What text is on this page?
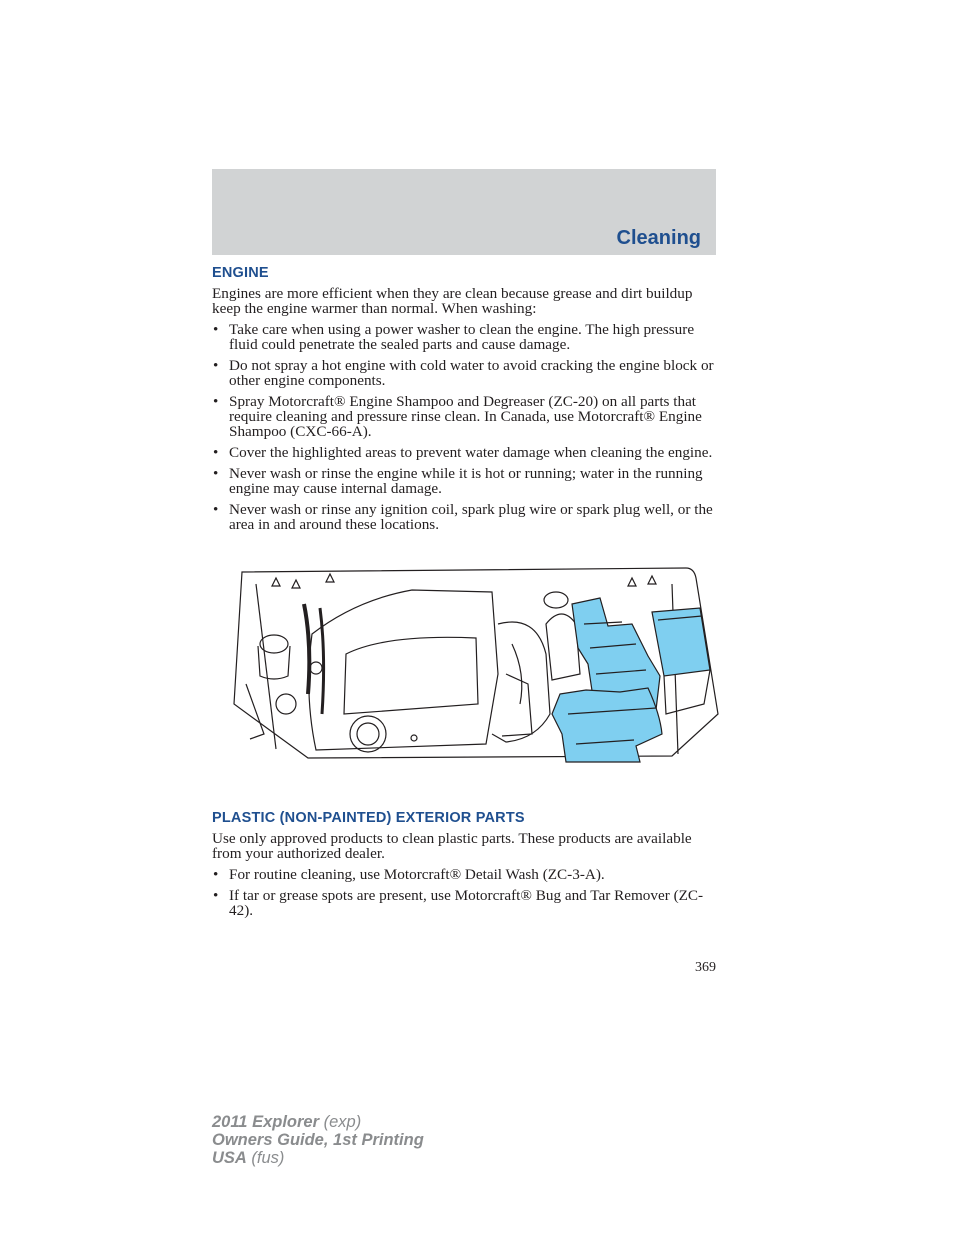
Cleaning
ENGINE
Engines are more efficient when they are clean because grease and dirt buildup keep the engine warmer than normal. When washing:
• Take care when using a power washer to clean the engine. The high pressure fluid could penetrate the sealed parts and cause damage.
• Do not spray a hot engine with cold water to avoid cracking the engine block or other engine components.
• Spray Motorcraft® Engine Shampoo and Degreaser (ZC-20) on all parts that require cleaning and pressure rinse clean. In Canada, use Motorcraft® Engine Shampoo (CXC-66-A).
• Cover the highlighted areas to prevent water damage when cleaning the engine.
• Never wash or rinse the engine while it is hot or running; water in the running engine may cause internal damage.
• Never wash or rinse any ignition coil, spark plug wire or spark plug well, or the area in and around these locations.
PLASTIC (NON-PAINTED) EXTERIOR PARTS
Use only approved products to clean plastic parts. These products are available from your authorized dealer.
• For routine cleaning, use Motorcraft® Detail Wash (ZC-3-A).
• If tar or grease spots are present, use Motorcraft® Bug and Tar Remover (ZC-42).
369
2011 Explorer (exp)
Owners Guide, 1st Printing
USA (fus)
